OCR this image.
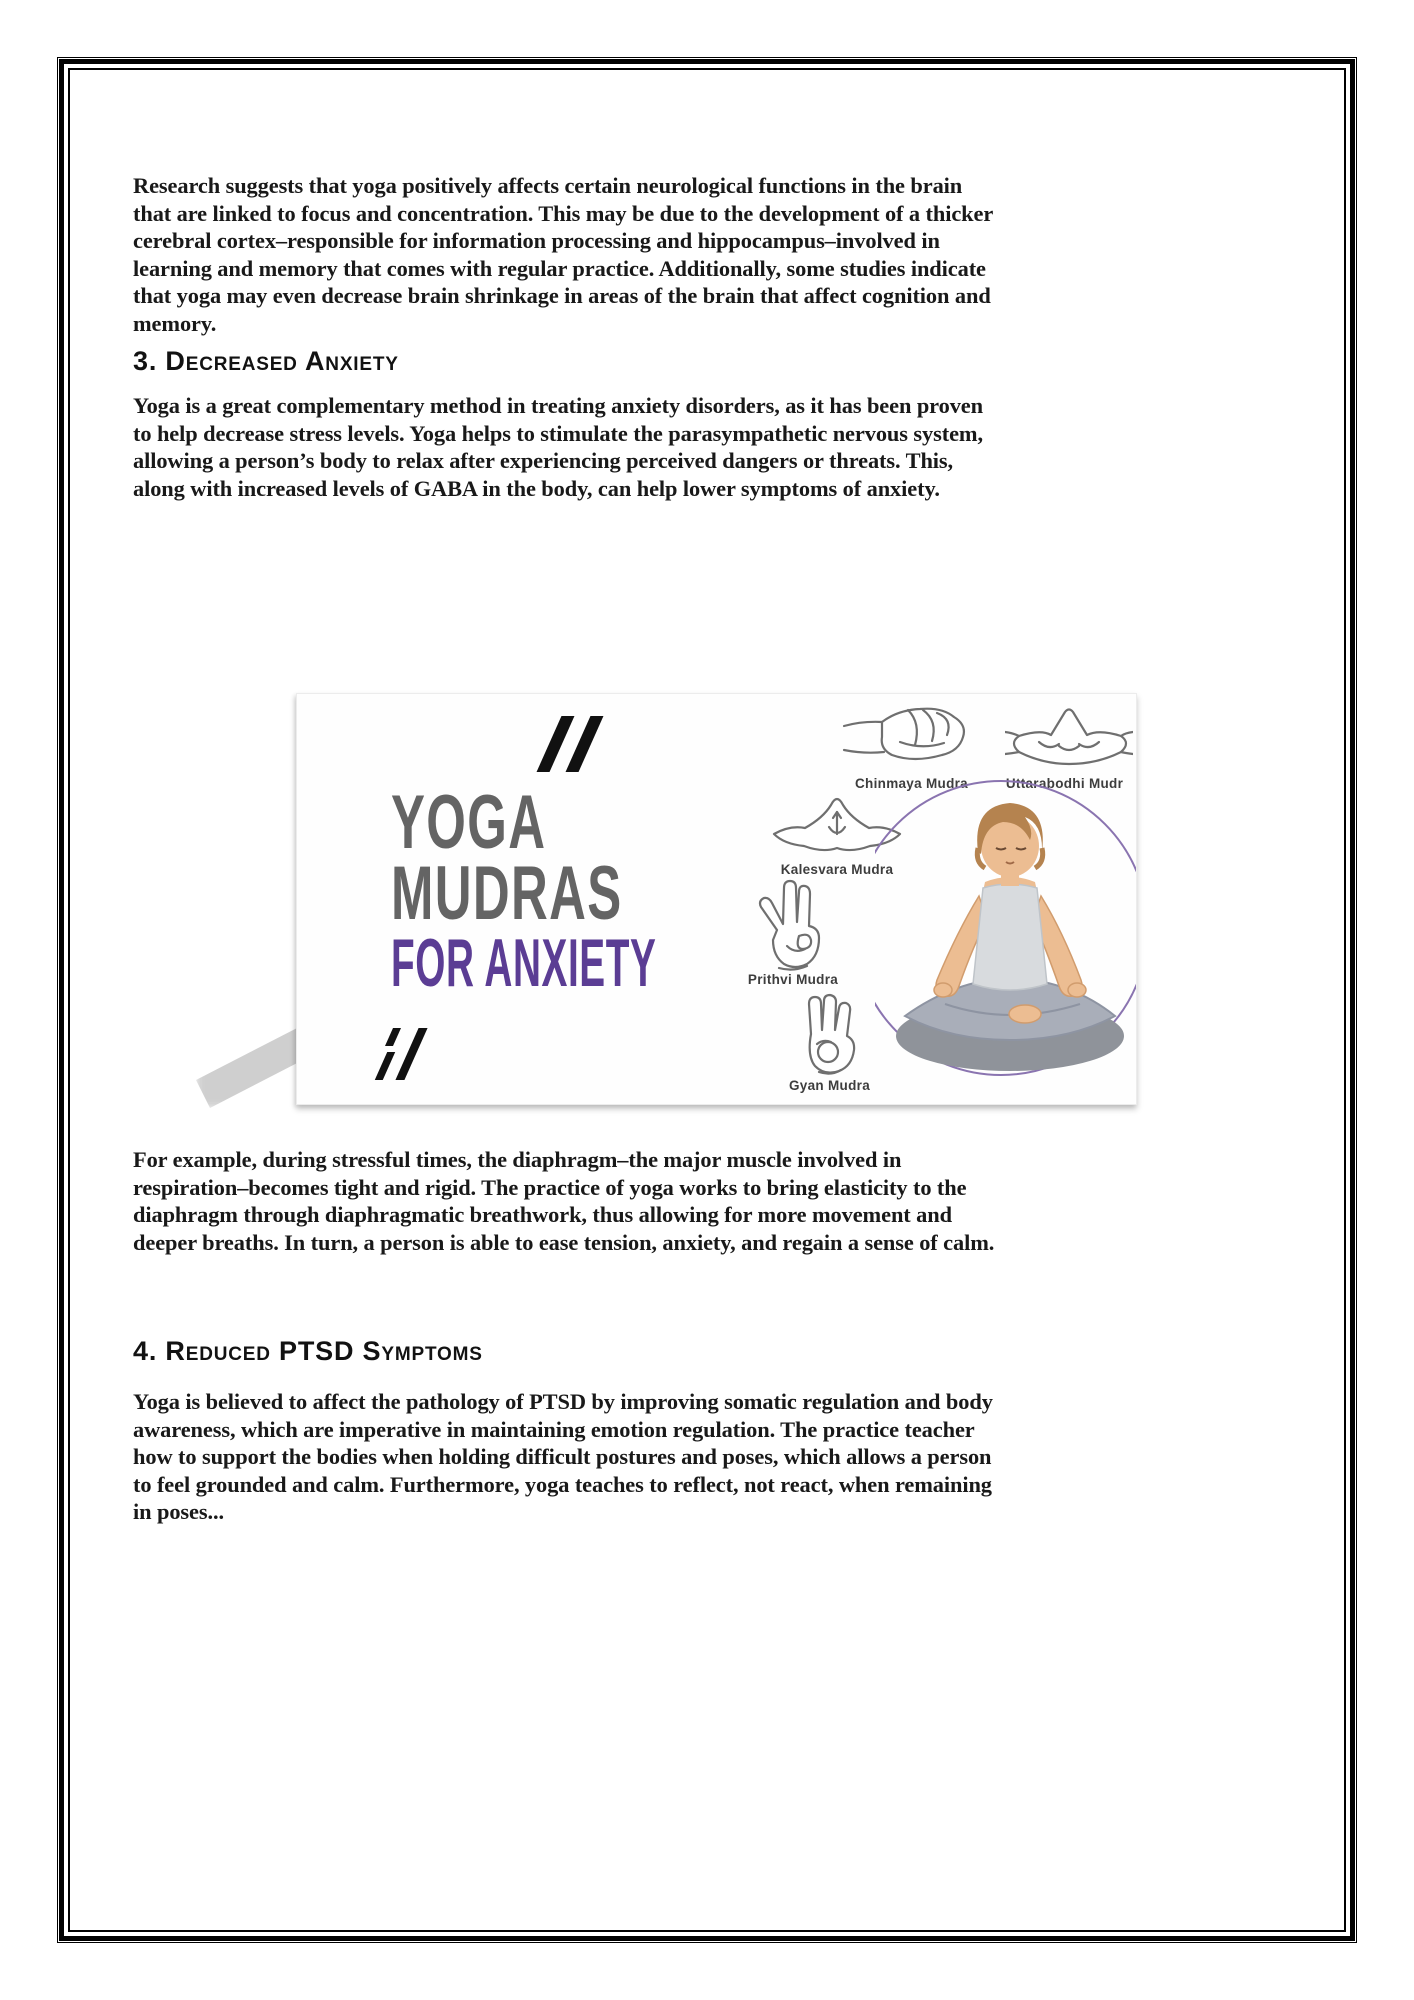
Research suggests that yoga positively affects certain neurological functions in the brain that are linked to focus and concentration. This may be due to the development of a thicker cerebral cortex–responsible for information processing and hippocampus–involved in learning and memory that comes with regular practice. Additionally, some studies indicate that yoga may even decrease brain shrinkage in areas of the brain that affect cognition and memory.
3. Decreased Anxiety
Yoga is a great complementary method in treating anxiety disorders, as it has been proven to help decrease stress levels. Yoga helps to stimulate the parasympathetic nervous system, allowing a person’s body to relax after experiencing perceived dangers or threats. This, along with increased levels of GABA in the body, can help lower symptoms of anxiety.
YOGA
MUDRAS
FOR ANXIETY
Chinmaya Mudra	Uttarabodhi Mudr
Kalesvara Mudra
Prithvi Mudra
Gyan Mudra
For example, during stressful times, the diaphragm–the major muscle involved in respiration–becomes tight and rigid. The practice of yoga works to bring elasticity to the diaphragm through diaphragmatic breathwork, thus allowing for more movement and deeper breaths. In turn, a person is able to ease tension, anxiety, and regain a sense of calm.
4. Reduced PTSD Symptoms
Yoga is believed to affect the pathology of PTSD by improving somatic regulation and body awareness, which are imperative in maintaining emotion regulation. The practice teacher how to support the bodies when holding difficult postures and poses, which allows a person to feel grounded and calm. Furthermore, yoga teaches to reflect, not react, when remaining in poses...
